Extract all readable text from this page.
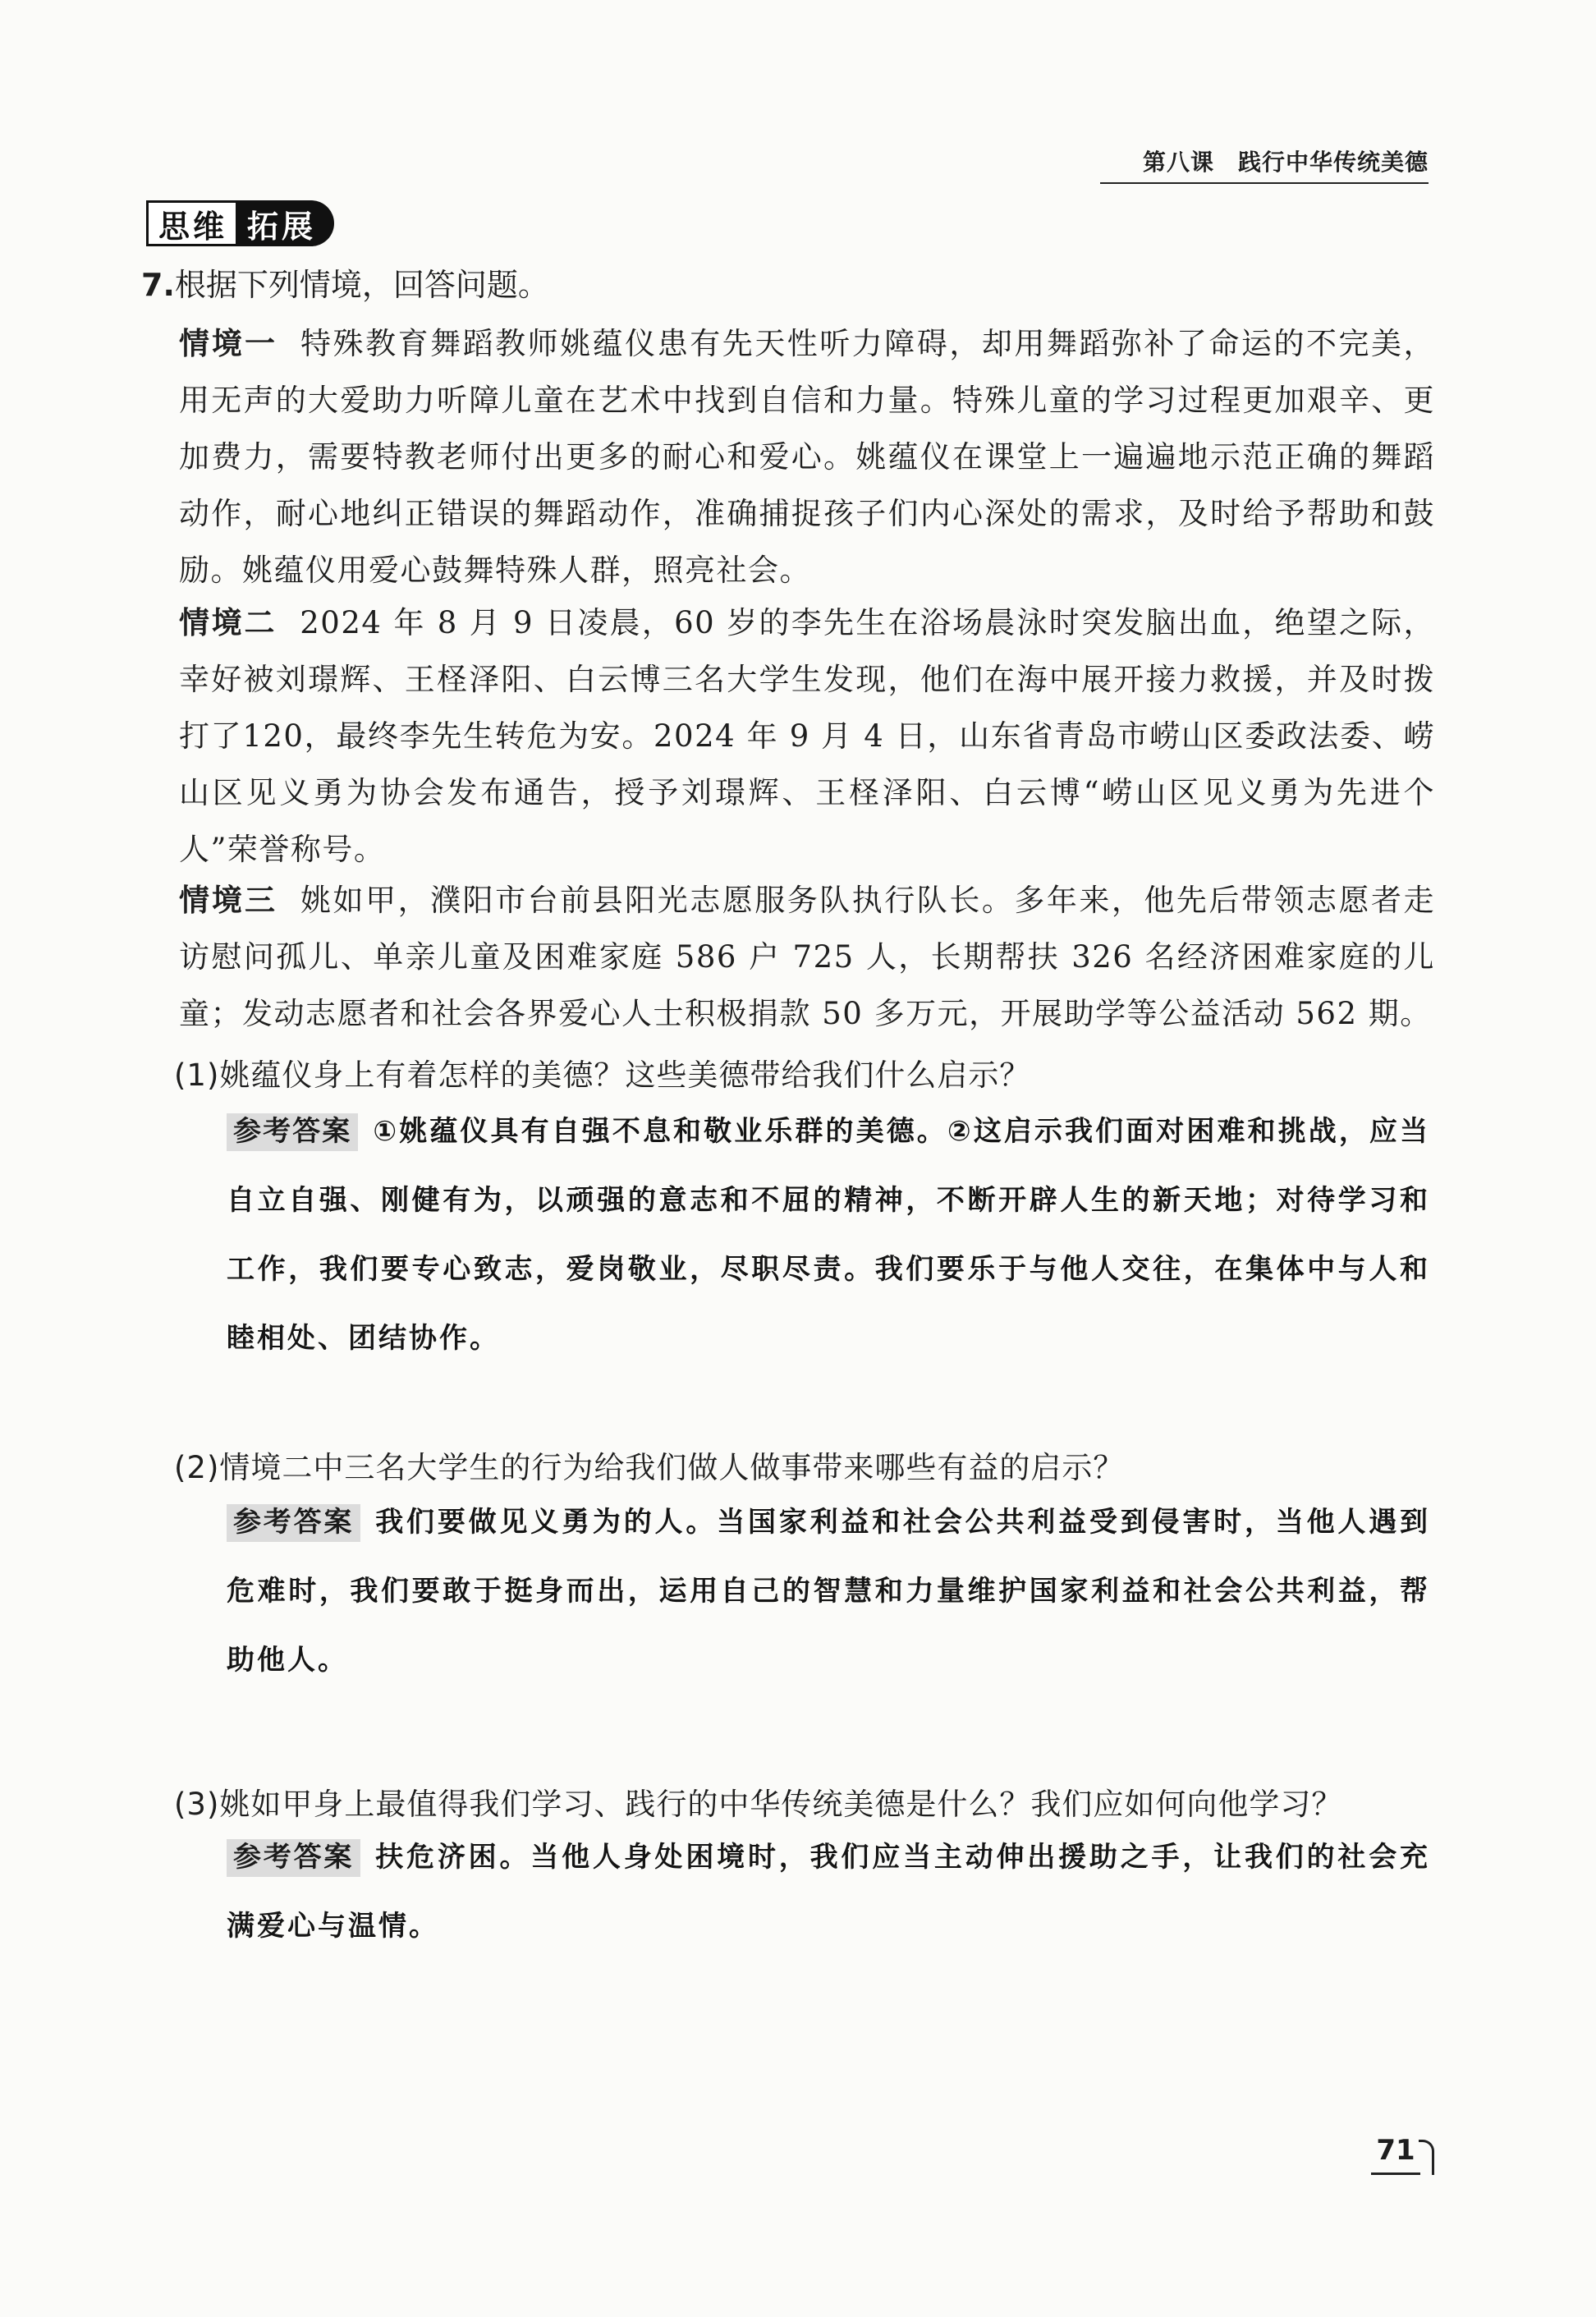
第八课　践行中华传统美德
思维 拓展
7.根据下列情境，回答问题。
情境一 特殊教育舞蹈教师姚蕴仪患有先天性听力障碍，却用舞蹈弥补了命运的不完美，用无声的大爱助力听障儿童在艺术中找到自信和力量。特殊儿童的学习过程更加艰辛、更加费力，需要特教老师付出更多的耐心和爱心。姚蕴仪在课堂上一遍遍地示范正确的舞蹈动作，耐心地纠正错误的舞蹈动作，准确捕捉孩子们内心深处的需求，及时给予帮助和鼓励。姚蕴仪用爱心鼓舞特殊人群，照亮社会。
情境二 2024 年 8 月 9 日凌晨，60 岁的李先生在浴场晨泳时突发脑出血，绝望之际，幸好被刘璟辉、王柽泽阳、白云博三名大学生发现，他们在海中展开接力救援，并及时拨打了120，最终李先生转危为安。2024 年 9 月 4 日，山东省青岛市崂山区委政法委、崂山区见义勇为协会发布通告，授予刘璟辉、王柽泽阳、白云博“崂山区见义勇为先进个人”荣誉称号。
情境三 姚如甲，濮阳市台前县阳光志愿服务队执行队长。多年来，他先后带领志愿者走访慰问孤儿、单亲儿童及困难家庭 586 户 725 人，长期帮扶 326 名经济困难家庭的儿童；发动志愿者和社会各界爱心人士积极捐款 50 多万元，开展助学等公益活动 562 期。
(1)姚蕴仪身上有着怎样的美德？这些美德带给我们什么启示？
参考答案 ①姚蕴仪具有自强不息和敬业乐群的美德。②这启示我们面对困难和挑战，应当自立自强、刚健有为，以顽强的意志和不屈的精神，不断开辟人生的新天地；对待学习和工作，我们要专心致志，爱岗敬业，尽职尽责。我们要乐于与他人交往，在集体中与人和睦相处、团结协作。
(2)情境二中三名大学生的行为给我们做人做事带来哪些有益的启示？
参考答案 我们要做见义勇为的人。当国家利益和社会公共利益受到侵害时，当他人遇到危难时，我们要敢于挺身而出，运用自己的智慧和力量维护国家利益和社会公共利益，帮助他人。
(3)姚如甲身上最值得我们学习、践行的中华传统美德是什么？我们应如何向他学习？
参考答案 扶危济困。当他人身处困境时，我们应当主动伸出援助之手，让我们的社会充满爱心与温情。
71
